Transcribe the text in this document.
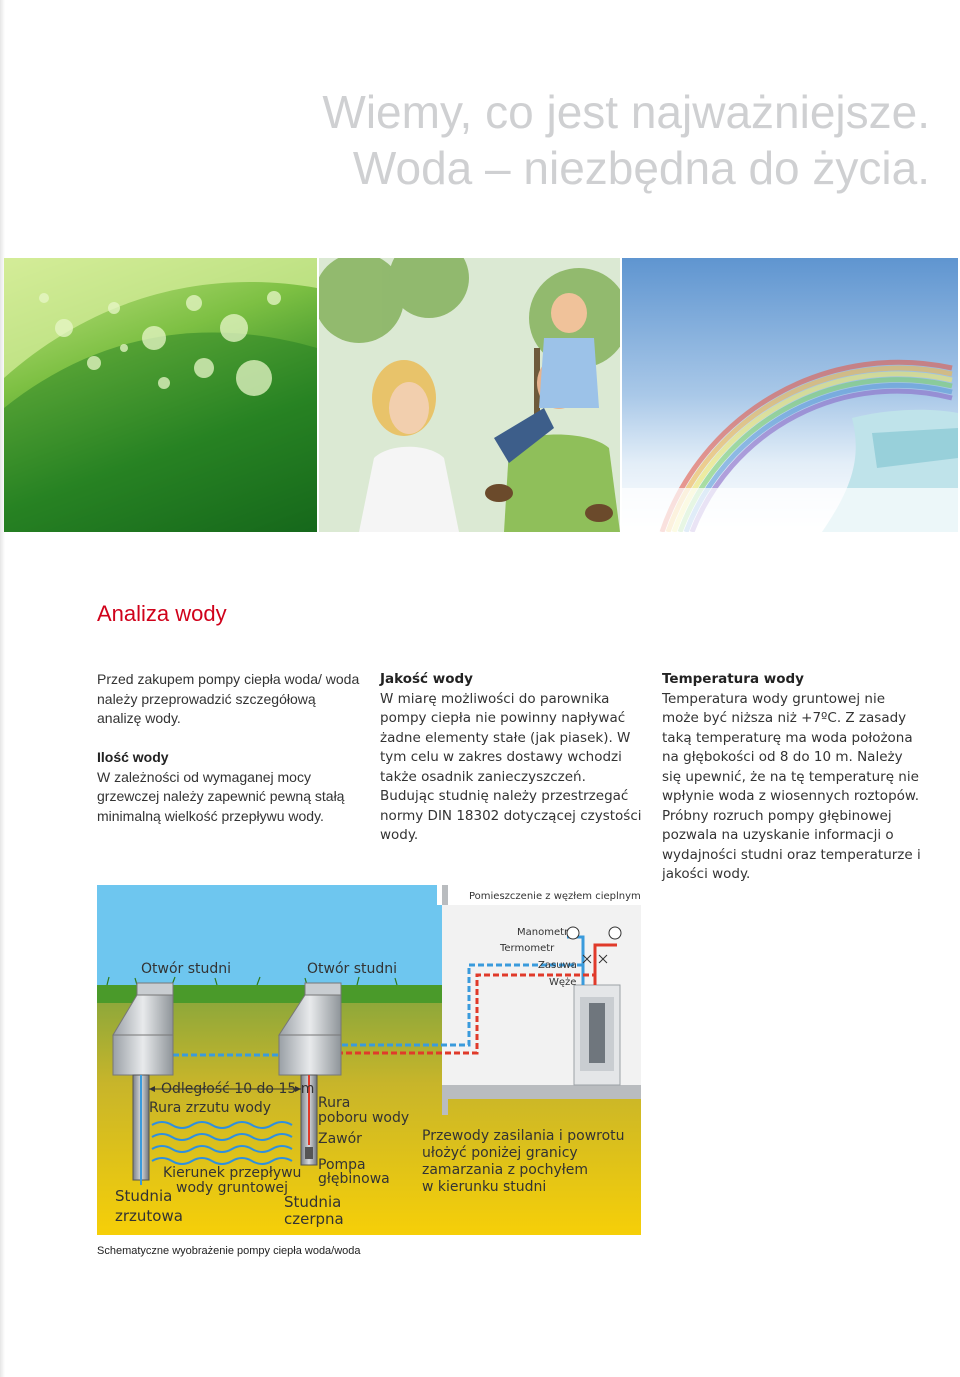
Wiemy, co jest najważniejsze.
Woda – niezbędna do życia.
Analiza wody

Przed zakupem pompy ciepła woda/ woda należy przeprowadzić szczegółową analizę wody.

Ilość wody

W zależności od wymaganej mocy grzewczej należy zapewnić pewną stałą minimalną wielkość przepływu wody.

Jakość wody

W miarę możliwości do parownika pompy ciepła nie powinny napływać żadne elementy stałe (jak piasek). W tym celu w zakres dostawy wchodzi także osadnik zanieczyszczeń. Budując studnię należy przestrzegać normy DIN 18302 dotyczącej czystości wody.

Temperatura wody

Temperatura wody gruntowej nie może być niższa niż +7ºC. Z zasady taką temperaturę ma woda położona na głębokości od 8 do 10 m. Należy się upewnić, że na tę temperaturę nie wpłynie woda z wiosennych roztopów. Próbny rozruch pompy głębinowej pozwala na uzyskanie informacji o wydajności studni oraz temperaturze i jakości wody.

Pomieszczenie z węzłem cieplnym
Manometr
Termometr
Zasuwa
Węże
Otwór studni	Otwór studni
Odległość 10 do 15 m
Rura zrzutu wody	Rura
poboru wody
Zawór
Pompa
głębinowa
Kierunek przepływu
wody gruntowej
Studnia
zrzutowa
Studnia
czerpna
Przewody zasilania i powrotu
ułożyć poniżej granicy
zamarzania z pochyłem
w kierunku studni
Schematyczne wyobrażenie pompy ciepła woda/woda
